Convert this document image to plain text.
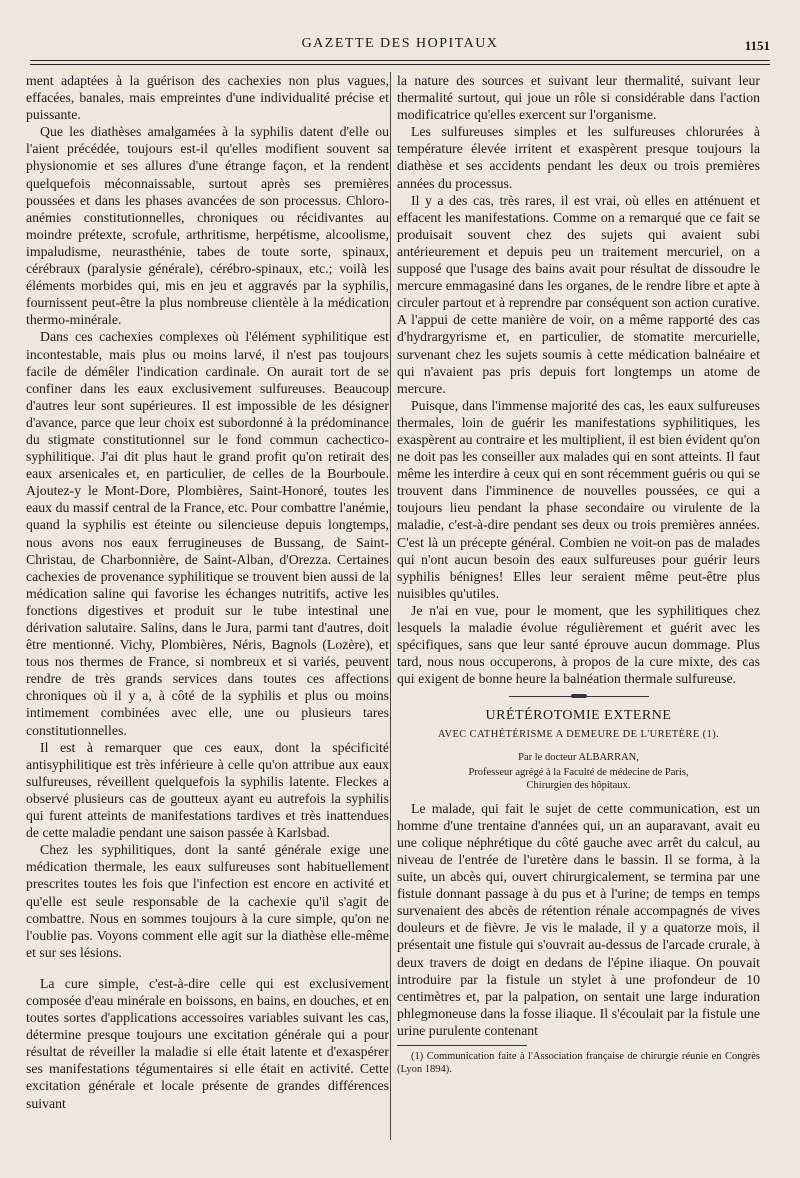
GAZETTE DES HOPITAUX	1151

ment adaptées à la guérison des cachexies non plus vagues, effacées, banales, mais empreintes d'une individualité précise et puissante.

Que les diathèses amalgamées à la syphilis datent d'elle ou l'aient précédée, toujours est-il qu'elles modifient souvent sa physionomie et ses allures d'une étrange façon, et la rendent quelquefois méconnaissable, surtout après ses premières poussées et dans les phases avancées de son processus. Chloro-anémies constitutionnelles, chroniques ou récidivantes au moindre prétexte, scrofule, arthritisme, herpétisme, alcoolisme, impaludisme, neurasthénie, tabes de toute sorte, spinaux, cérébraux (paralysie générale), cérébro-spinaux, etc.; voilà les éléments morbides qui, mis en jeu et aggravés par la syphilis, fournissent peut-être la plus nombreuse clientèle à la médication thermo-minérale.

Dans ces cachexies complexes où l'élément syphilitique est incontestable, mais plus ou moins larvé, il n'est pas toujours facile de démêler l'indication cardinale. On aurait tort de se confiner dans les eaux exclusivement sulfureuses. Beaucoup d'autres leur sont supérieures. Il est impossible de les désigner d'avance, parce que leur choix est subordonné à la prédominance du stigmate constitutionnel sur le fond commun cachectico-syphilitique. J'ai dit plus haut le grand profit qu'on retirait des eaux arsenicales et, en particulier, de celles de la Bourboule. Ajoutez-y le Mont-Dore, Plombières, Saint-Honoré, toutes les eaux du massif central de la France, etc. Pour combattre l'anémie, quand la syphilis est éteinte ou silencieuse depuis longtemps, nous avons nos eaux ferrugineuses de Bussang, de Saint-Christau, de Charbonnière, de Saint-Alban, d'Orezza. Certaines cachexies de provenance syphilitique se trouvent bien aussi de la médication saline qui favorise les échanges nutritifs, active les fonctions digestives et produit sur le tube intestinal une dérivation salutaire. Salins, dans le Jura, parmi tant d'autres, doit être mentionné. Vichy, Plombières, Néris, Bagnols (Lozère), et tous nos thermes de France, si nombreux et si variés, peuvent rendre de très grands services dans toutes ces affections chroniques où il y a, à côté de la syphilis et plus ou moins intimement combinées avec elle, une ou plusieurs tares constitutionnelles.

Il est à remarquer que ces eaux, dont la spécificité antisyphilitique est très inférieure à celle qu'on attribue aux eaux sulfureuses, réveillent quelquefois la syphilis latente. Fleckes a observé plusieurs cas de goutteux ayant eu autrefois la syphilis qui furent atteints de manifestations tardives et très inattendues de cette maladie pendant une saison passée à Karlsbad.

Chez les syphilitiques, dont la santé générale exige une médication thermale, les eaux sulfureuses sont habituellement prescrites toutes les fois que l'infection est encore en activité et qu'elle est seule responsable de la cachexie qu'il s'agit de combattre. Nous en sommes toujours à la cure simple, qu'on ne l'oublie pas. Voyons comment elle agit sur la diathèse elle-même et sur ses lésions.

La cure simple, c'est-à-dire celle qui est exclusivement composée d'eau minérale en boissons, en bains, en douches, et en toutes sortes d'applications accessoires variables suivant les cas, détermine presque toujours une excitation générale qui a pour résultat de réveiller la maladie si elle était latente et d'exaspérer ses manifestations tégumentaires si elle était en activité. Cette excitation générale et locale présente de grandes différences suivant

la nature des sources et suivant leur thermalité, suivant leur thermalité surtout, qui joue un rôle si considérable dans l'action modificatrice qu'elles exercent sur l'organisme.

Les sulfureuses simples et les sulfureuses chlorurées à température élevée irritent et exaspèrent presque toujours la diathèse et ses accidents pendant les deux ou trois premières années du processus.

Il y a des cas, très rares, il est vrai, où elles en atténuent et effacent les manifestations. Comme on a remarqué que ce fait se produisait souvent chez des sujets qui avaient subi antérieurement et depuis peu un traitement mercuriel, on a supposé que l'usage des bains avait pour résultat de dissoudre le mercure emmagasiné dans les organes, de le rendre libre et apte à circuler partout et à reprendre par conséquent son action curative. A l'appui de cette manière de voir, on a même rapporté des cas d'hydrargyrisme et, en particulier, de stomatite mercurielle, survenant chez les sujets soumis à cette médication balnéaire et qui n'avaient pas pris depuis fort longtemps un atome de mercure.

Puisque, dans l'immense majorité des cas, les eaux sulfureuses thermales, loin de guérir les manifestations syphilitiques, les exaspèrent au contraire et les multiplient, il est bien évident qu'on ne doit pas les conseiller aux malades qui en sont atteints. Il faut même les interdire à ceux qui en sont récemment guéris ou qui se trouvent dans l'imminence de nouvelles poussées, ce qui a toujours lieu pendant la phase secondaire ou virulente de la maladie, c'est-à-dire pendant ses deux ou trois premières années. C'est là un précepte général. Combien ne voit-on pas de malades qui n'ont aucun besoin des eaux sulfureuses pour guérir leurs syphilis bénignes! Elles leur seraient même peut-être plus nuisibles qu'utiles.

Je n'ai en vue, pour le moment, que les syphilitiques chez lesquels la maladie évolue régulièrement et guérit avec les spécifiques, sans que leur santé éprouve aucun dommage. Plus tard, nous nous occuperons, à propos de la cure mixte, des cas qui exigent de bonne heure la balnéation thermale sulfureuse.

URÉTÉROTOMIE EXTERNE
AVEC CATHÉTÉRISME A DEMEURE DE L'URETÈRE (1).
Par le docteur ALBARRAN,
Professeur agrégé à la Faculté de médecine de Paris,
Chirurgien des hôpitaux.

Le malade, qui fait le sujet de cette communication, est un homme d'une trentaine d'années qui, un an auparavant, avait eu une colique néphrétique du côté gauche avec arrêt du calcul, au niveau de l'entrée de l'uretère dans le bassin. Il se forma, à la suite, un abcès qui, ouvert chirurgicalement, se termina par une fistule donnant passage à du pus et à l'urine; de temps en temps survenaient des abcès de rétention rénale accompagnés de vives douleurs et de fièvre. Je vis le malade, il y a quatorze mois, il présentait une fistule qui s'ouvrait au-dessus de l'arcade crurale, à deux travers de doigt en dedans de l'épine iliaque. On pouvait introduire par la fistule un stylet à une profondeur de 10 centimètres et, par la palpation, on sentait une large induration phlegmoneuse dans la fosse iliaque. Il s'écoulait par la fistule une urine purulente contenant

(1) Communication faite à l'Association française de chirurgie réunie en Congrès (Lyon 1894).
